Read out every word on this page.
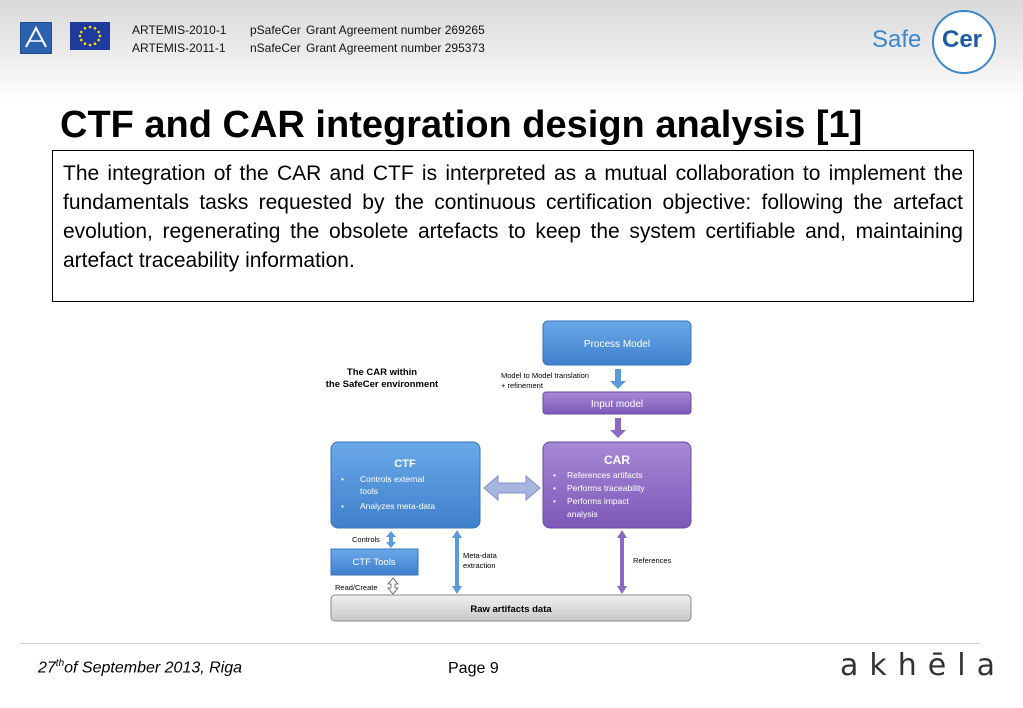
ARTEMIS-2010-1 pSafeCer Grant Agreement number 269265
ARTEMIS-2011-1 nSafeCer Grant Agreement number 295373	Safe Cer
CTF and CAR integration design analysis [1]
The integration of the CAR and CTF is interpreted as a mutual collaboration to implement the fundamentals tasks requested by the continuous certification objective: following the artefact evolution, regenerating the obsolete artefacts to keep the system certifiable and, maintaining artefact traceability information.
The CAR within
the SafeCer environment
Process Model
Model to Model translation
+ refinement
Input model
CTF
• Controls external
tools
• Analyzes meta-data
CAR
• References artifacts
• Performs traceability
• Performs impact
analysis
Controls
CTF Tools
Read/Create
Meta-data
extraction
References
Raw artifacts data
27thof September 2013, Riga	Page 9	akhēla
